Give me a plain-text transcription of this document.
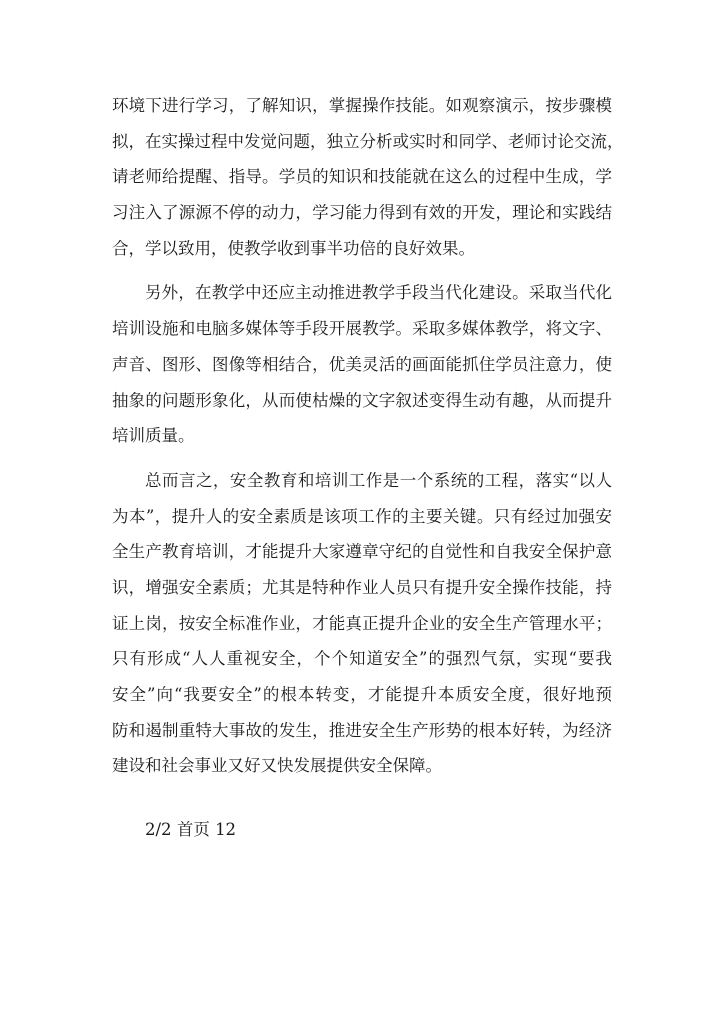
环境下进行学习，了解知识，掌握操作技能。如观察演示，按步骤模
拟，在实操过程中发觉问题，独立分析或实时和同学、老师讨论交流，
请老师给提醒、指导。学员的知识和技能就在这么的过程中生成，学
习注入了源源不停的动力，学习能力得到有效的开发，理论和实践结
合，学以致用，使教学收到事半功倍的良好效果。
另外，在教学中还应主动推进教学手段当代化建设。采取当代化
培训设施和电脑多媒体等手段开展教学。采取多媒体教学，将文字、
声音、图形、图像等相结合，优美灵活的画面能抓住学员注意力，使
抽象的问题形象化，从而使枯燥的文字叙述变得生动有趣，从而提升
培训质量。
总而言之，安全教育和培训工作是一个系统的工程，落实“以人
为本”，提升人的安全素质是该项工作的主要关键。只有经过加强安
全生产教育培训，才能提升大家遵章守纪的自觉性和自我安全保护意
识，增强安全素质；尤其是特种作业人员只有提升安全操作技能，持
证上岗，按安全标准作业，才能真正提升企业的安全生产管理水平；
只有形成“人人重视安全，个个知道安全”的强烈气氛，实现“要我
安全”向“我要安全”的根本转变，才能提升本质安全度，很好地预
防和遏制重特大事故的发生，推进安全生产形势的根本好转，为经济
建设和社会事业又好又快发展提供安全保障。
2/2 首页 12
